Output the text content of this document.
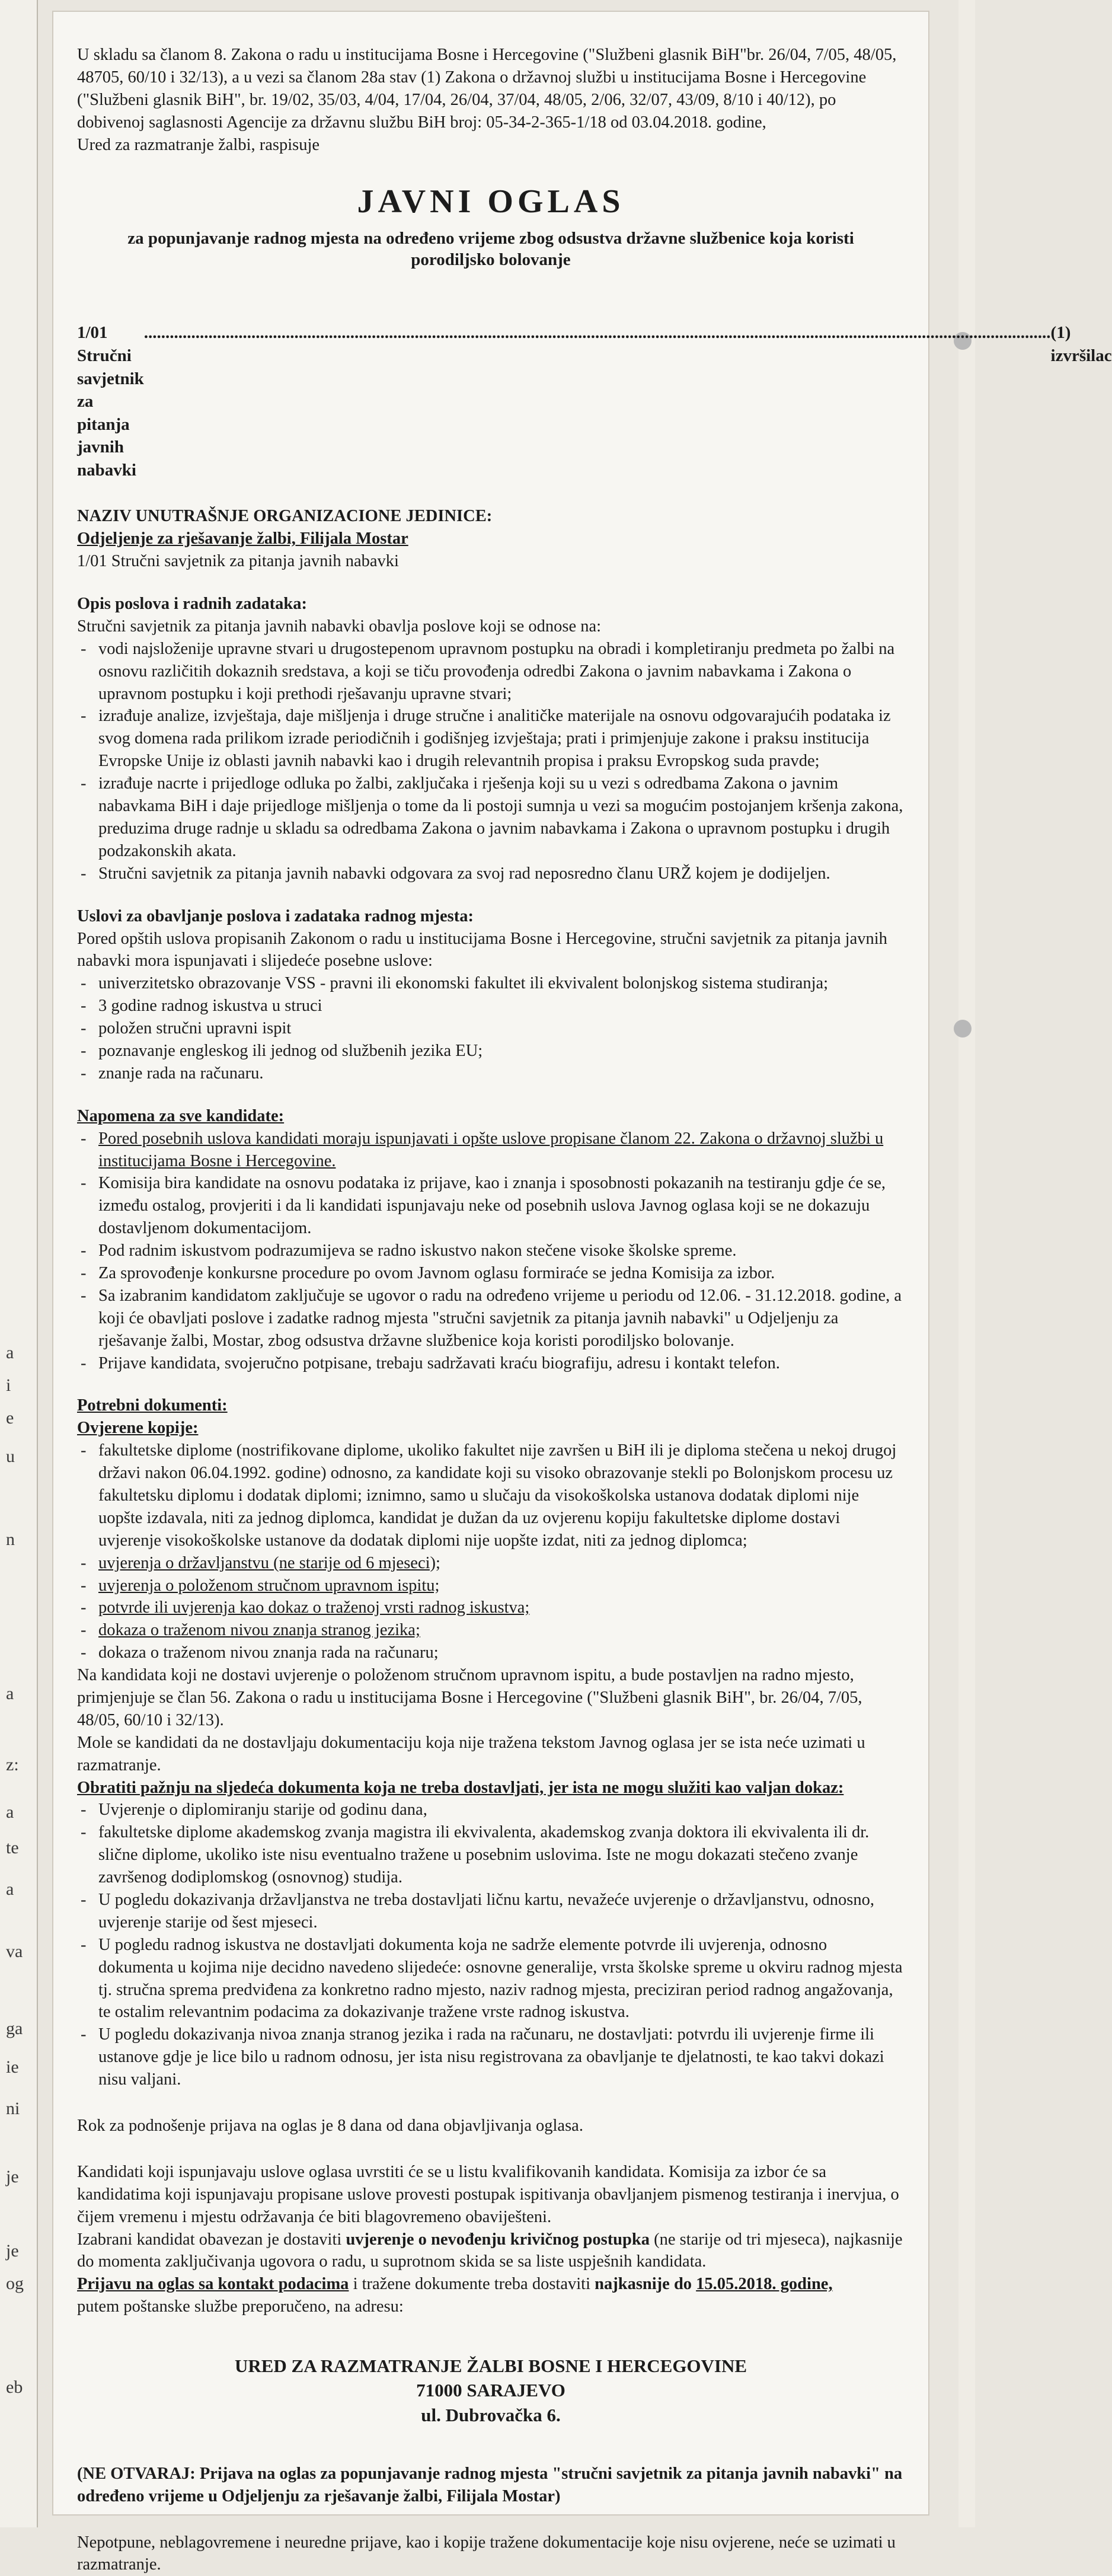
a
i
e
u
n
a
z:
a
te
a
va
ga
ie
ni
je
je
og
eb

U skladu sa članom 8. Zakona o radu u institucijama Bosne i Hercegovine ("Službeni glasnik BiH"br. 26/04, 7/05, 48/05, 48705, 60/10 i 32/13), a u vezi sa članom 28a stav (1) Zakona o državnoj službi u institucijama Bosne i Hercegovine ("Službeni glasnik BiH", br. 19/02, 35/03, 4/04, 17/04, 26/04, 37/04, 48/05, 2/06, 32/07, 43/09, 8/10 i 40/12), po dobivenoj saglasnosti Agencije za državnu službu BiH broj: 05-34-2-365-1/18 od 03.04.2018. godine,
Ured za razmatranje žalbi, raspisuje

JAVNI OGLAS
za popunjavanje radnog mjesta na određeno vrijeme zbog odsustva državne službenice koja koristi porodiljsko bolovanje
1/01 Stručni savjetnik za pitanja javnih nabavki
................................................................................................................................................................................................................... (1) izvršilac
NAZIV UNUTRAŠNJE ORGANIZACIONE JEDINICE:
Odjeljenje za rješavanje žalbi, Filijala Mostar
1/01 Stručni savjetnik za pitanja javnih nabavki
Opis poslova i radnih zadataka:
Stručni savjetnik za pitanja javnih nabavki obavlja poslove koji se odnose na:
- vodi najsloženije upravne stvari u drugostepenom upravnom postupku na obradi i kompletiranju predmeta po žalbi na osnovu različitih dokaznih sredstava, a koji se tiču provođenja odredbi Zakona o javnim nabavkama i Zakona o upravnom postupku i koji prethodi rješavanju upravne stvari;
- izrađuje analize, izvještaja, daje mišljenja i druge stručne i analitičke materijale na osnovu odgovarajućih podataka iz svog domena rada prilikom izrade periodičnih i godišnjeg izvještaja; prati i primjenjuje zakone i praksu institucija Evropske Unije iz oblasti javnih nabavki kao i drugih relevantnih propisa i praksu Evropskog suda pravde;
- izrađuje nacrte i prijedloge odluka po žalbi, zaključaka i rješenja koji su u vezi s odredbama Zakona o javnim nabavkama BiH i daje prijedloge mišljenja o tome da li postoji sumnja u vezi sa mogućim postojanjem kršenja zakona, preduzima druge radnje u skladu sa odredbama Zakona o javnim nabavkama i Zakona o upravnom postupku i drugih podzakonskih akata.
- Stručni savjetnik za pitanja javnih nabavki odgovara za svoj rad neposredno članu URŽ kojem je dodijeljen.
Uslovi za obavljanje poslova i zadataka radnog mjesta:
Pored opštih uslova propisanih Zakonom o radu u institucijama Bosne i Hercegovine, stručni savjetnik za pitanja javnih nabavki mora ispunjavati i slijedeće posebne uslove:
- univerzitetsko obrazovanje VSS - pravni ili ekonomski fakultet ili ekvivalent bolonjskog sistema studiranja;
- 3 godine radnog iskustva u struci
- položen stručni upravni ispit
- poznavanje engleskog ili jednog od službenih jezika EU;
- znanje rada na računaru.
Napomena za sve kandidate:
- Pored posebnih uslova kandidati moraju ispunjavati i opšte uslove propisane članom 22. Zakona o državnoj službi u institucijama Bosne i Hercegovine.
- Komisija bira kandidate na osnovu podataka iz prijave, kao i znanja i sposobnosti pokazanih na testiranju gdje će se, između ostalog, provjeriti i da li kandidati ispunjavaju neke od posebnih uslova Javnog oglasa koji se ne dokazuju dostavljenom dokumentacijom.
- Pod radnim iskustvom podrazumijeva se radno iskustvo nakon stečene visoke školske spreme.
- Za sprovođenje konkursne procedure po ovom Javnom oglasu formiraće se jedna Komisija za izbor.
- Sa izabranim kandidatom zaključuje se ugovor o radu na određeno vrijeme u periodu od 12.06. - 31.12.2018. godine, a koji će obavljati poslove i zadatke radnog mjesta "stručni savjetnik za pitanja javnih nabavki" u Odjeljenju za rješavanje žalbi, Mostar, zbog odsustva državne službenice koja koristi porodiljsko bolovanje.
- Prijave kandidata, svojeručno potpisane, trebaju sadržavati kraću biografiju, adresu i kontakt telefon.
Potrebni dokumenti:
Ovjerene kopije:
- fakultetske diplome (nostrifikovane diplome, ukoliko fakultet nije završen u BiH ili je diploma stečena u nekoj drugoj državi nakon 06.04.1992. godine) odnosno, za kandidate koji su visoko obrazovanje stekli po Bolonjskom procesu uz fakultetsku diplomu i dodatak diplomi; iznimno, samo u slučaju da visokoškolska ustanova dodatak diplomi nije uopšte izdavala, niti za jednog diplomca, kandidat je dužan da uz ovjerenu kopiju fakultetske diplome dostavi uvjerenje visokoškolske ustanove da dodatak diplomi nije uopšte izdat, niti za jednog diplomca;
- uvjerenja o državljanstvu (ne starije od 6 mjeseci);
- uvjerenja o položenom stručnom upravnom ispitu;
- potvrde ili uvjerenja kao dokaz o traženoj vrsti radnog iskustva;
- dokaza o traženom nivou znanja stranog jezika;
- dokaza o traženom nivou znanja rada na računaru;

Na kandidata koji ne dostavi uvjerenje o položenom stručnom upravnom ispitu, a bude postavljen na radno mjesto, primjenjuje se član 56. Zakona o radu u institucijama Bosne i Hercegovine ("Službeni glasnik BiH", br. 26/04, 7/05, 48/05, 60/10 i 32/13).

Mole se kandidati da ne dostavljaju dokumentaciju koja nije tražena tekstom Javnog oglasa jer se ista neće uzimati u razmatranje.

Obratiti pažnju na sljedeća dokumenta koja ne treba dostavljati, jer ista ne mogu služiti kao valjan dokaz:
- Uvjerenje o diplomiranju starije od godinu dana,
- fakultetske diplome akademskog zvanja magistra ili ekvivalenta, akademskog zvanja doktora ili ekvivalenta ili dr. slične diplome, ukoliko iste nisu eventualno tražene u posebnim uslovima. Iste ne mogu dokazati stečeno zvanje završenog dodiplomskog (osnovnog) studija.
- U pogledu dokazivanja državljanstva ne treba dostavljati ličnu kartu, nevažeće uvjerenje o državljanstvu, odnosno, uvjerenje starije od šest mjeseci.
- U pogledu radnog iskustva ne dostavljati dokumenta koja ne sadrže elemente potvrde ili uvjerenja, odnosno dokumenta u kojima nije decidno navedeno slijedeće: osnovne generalije, vrsta školske spreme u okviru radnog mjesta tj. stručna sprema predviđena za konkretno radno mjesto, naziv radnog mjesta, preciziran period radnog angažovanja, te ostalim relevantnim podacima za dokazivanje tražene vrste radnog iskustva.
- U pogledu dokazivanja nivoa znanja stranog jezika i rada na računaru, ne dostavljati: potvrdu ili uvjerenje firme ili ustanove gdje je lice bilo u radnom odnosu, jer ista nisu registrovana za obavljanje te djelatnosti, te kao takvi dokazi nisu valjani.

Rok za podnošenje prijava na oglas je 8 dana od dana objavljivanja oglasa.

Kandidati koji ispunjavaju uslove oglasa uvrstiti će se u listu kvalifikovanih kandidata. Komisija za izbor će sa kandidatima koji ispunjavaju propisane uslove provesti postupak ispitivanja obavljanjem pismenog testiranja i inervjua, o čijem vremenu i mjestu održavanja će biti blagovremeno obaviješteni.

Izabrani kandidat obavezan je dostaviti uvjerenje o nevođenju krivičnog postupka (ne starije od tri mjeseca), najkasnije do momenta zaključivanja ugovora o radu, u suprotnom skida se sa liste uspješnih kandidata.

Prijavu na oglas sa kontakt podacima i tražene dokumente treba dostaviti najkasnije do 15.05.2018. godine,
putem poštanske službe preporučeno, na adresu:

URED ZA RAZMATRANJE ŽALBI BOSNE I HERCEGOVINE
71000 SARAJEVO
ul. Dubrovačka 6.

(NE OTVARAJ: Prijava na oglas za popunjavanje radnog mjesta "stručni savjetnik za pitanja javnih nabavki" na određeno vrijeme u Odjeljenju za rješavanje žalbi, Filijala Mostar)

Nepotpune, neblagovremene i neuredne prijave, kao i kopije tražene dokumentacije koje nisu ovjerene, neće se uzimati u razmatranje.
